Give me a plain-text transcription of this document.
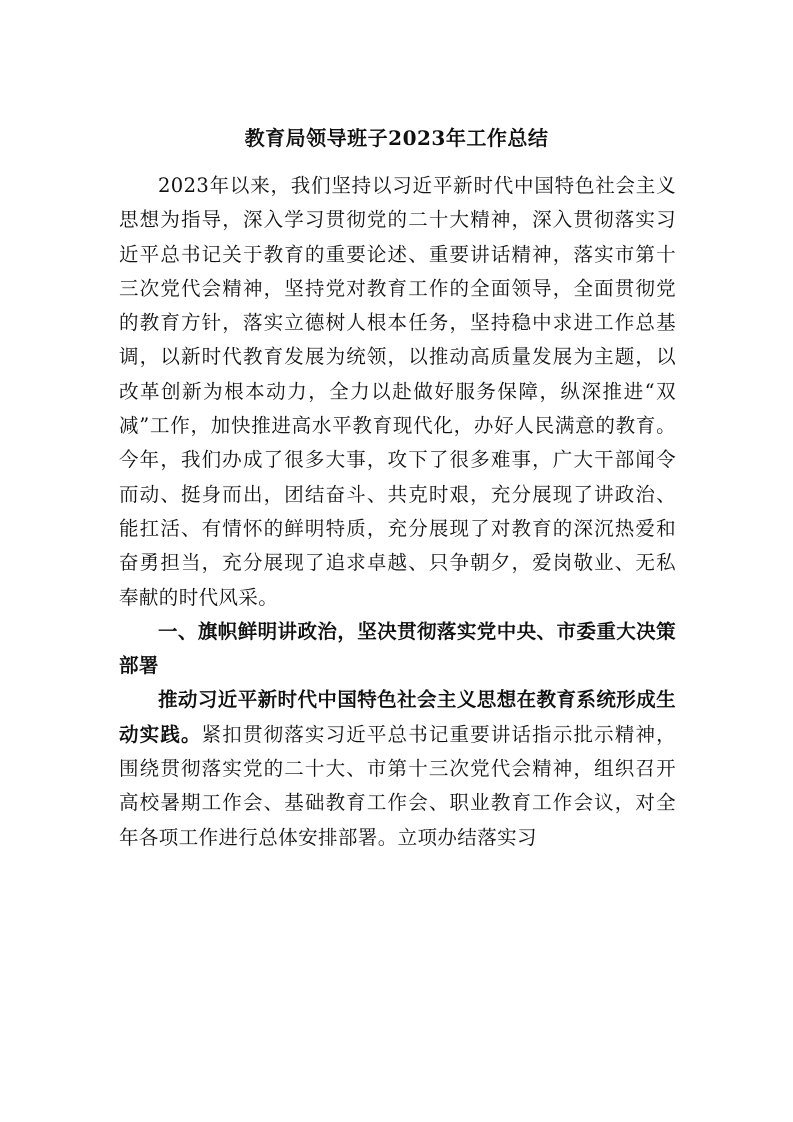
教育局领导班子2023年工作总结

2023年以来，我们坚持以习近平新时代中国特色社会主义思想为指导，深入学习贯彻党的二十大精神，深入贯彻落实习近平总书记关于教育的重要论述、重要讲话精神，落实市第十三次党代会精神，坚持党对教育工作的全面领导，全面贯彻党的教育方针，落实立德树人根本任务，坚持稳中求进工作总基调，以新时代教育发展为统领，以推动高质量发展为主题，以改革创新为根本动力，全力以赴做好服务保障，纵深推进“双减”工作，加快推进高水平教育现代化，办好人民满意的教育。今年，我们办成了很多大事，攻下了很多难事，广大干部闻令而动、挺身而出，团结奋斗、共克时艰，充分展现了讲政治、能扛活、有情怀的鲜明特质，充分展现了对教育的深沉热爱和奋勇担当，充分展现了追求卓越、只争朝夕，爱岗敬业、无私奉献的时代风采。

一、旗帜鲜明讲政治，坚决贯彻落实党中央、市委重大决策部署

推动习近平新时代中国特色社会主义思想在教育系统形成生动实践。紧扣贯彻落实习近平总书记重要讲话指示批示精神，围绕贯彻落实党的二十大、市第十三次党代会精神，组织召开高校暑期工作会、基础教育工作会、职业教育工作会议，对全年各项工作进行总体安排部署。立项办结落实习
